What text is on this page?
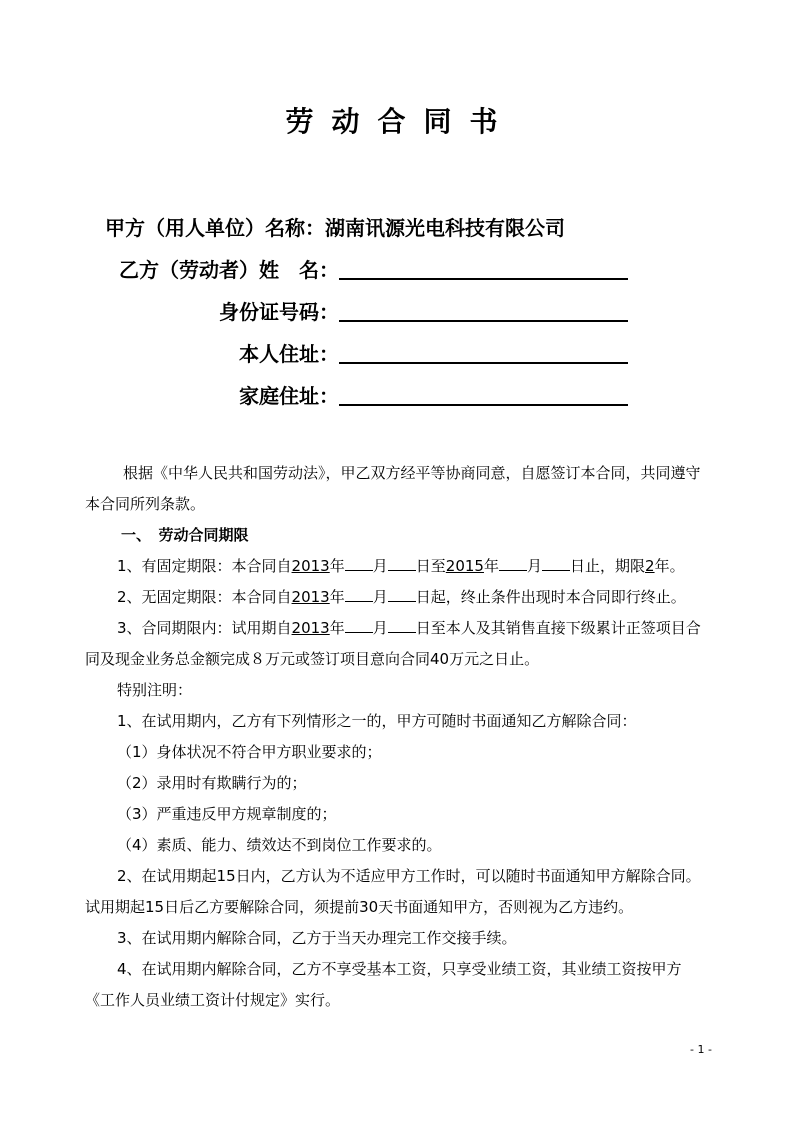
劳动合同书
甲方（用人单位）名称：湖南讯源光电科技有限公司
乙方（劳动者）姓　名：
身份证号码：
本人住址：
家庭住址：

根据《中华人民共和国劳动法》，甲乙双方经平等协商同意，自愿签订本合同，共同遵守本合同所列条款。

一、　劳动合同期限

1、有固定期限：本合同自2013年 月 日至2015年 月 日止，期限2年。

2、无固定期限：本合同自2013年 月 日起，终止条件出现时本合同即行终止。

3、合同期限内：试用期自2013年 月 日至本人及其销售直接下级累计正签项目合同及现金业务总金额完成８万元或签订项目意向合同40万元之日止。

特别注明：

1、在试用期内，乙方有下列情形之一的，甲方可随时书面通知乙方解除合同：

（1）身体状况不符合甲方职业要求的；

（2）录用时有欺瞒行为的；

（3）严重违反甲方规章制度的；

（4）素质、能力、绩效达不到岗位工作要求的。

2、在试用期起15日内，乙方认为不适应甲方工作时，可以随时书面通知甲方解除合同。试用期起15日后乙方要解除合同，须提前30天书面通知甲方，否则视为乙方违约。

3、在试用期内解除合同，乙方于当天办理完工作交接手续。

4、在试用期内解除合同，乙方不享受基本工资，只享受业绩工资，其业绩工资按甲方《工作人员业绩工资计付规定》实行。

- 1 -
